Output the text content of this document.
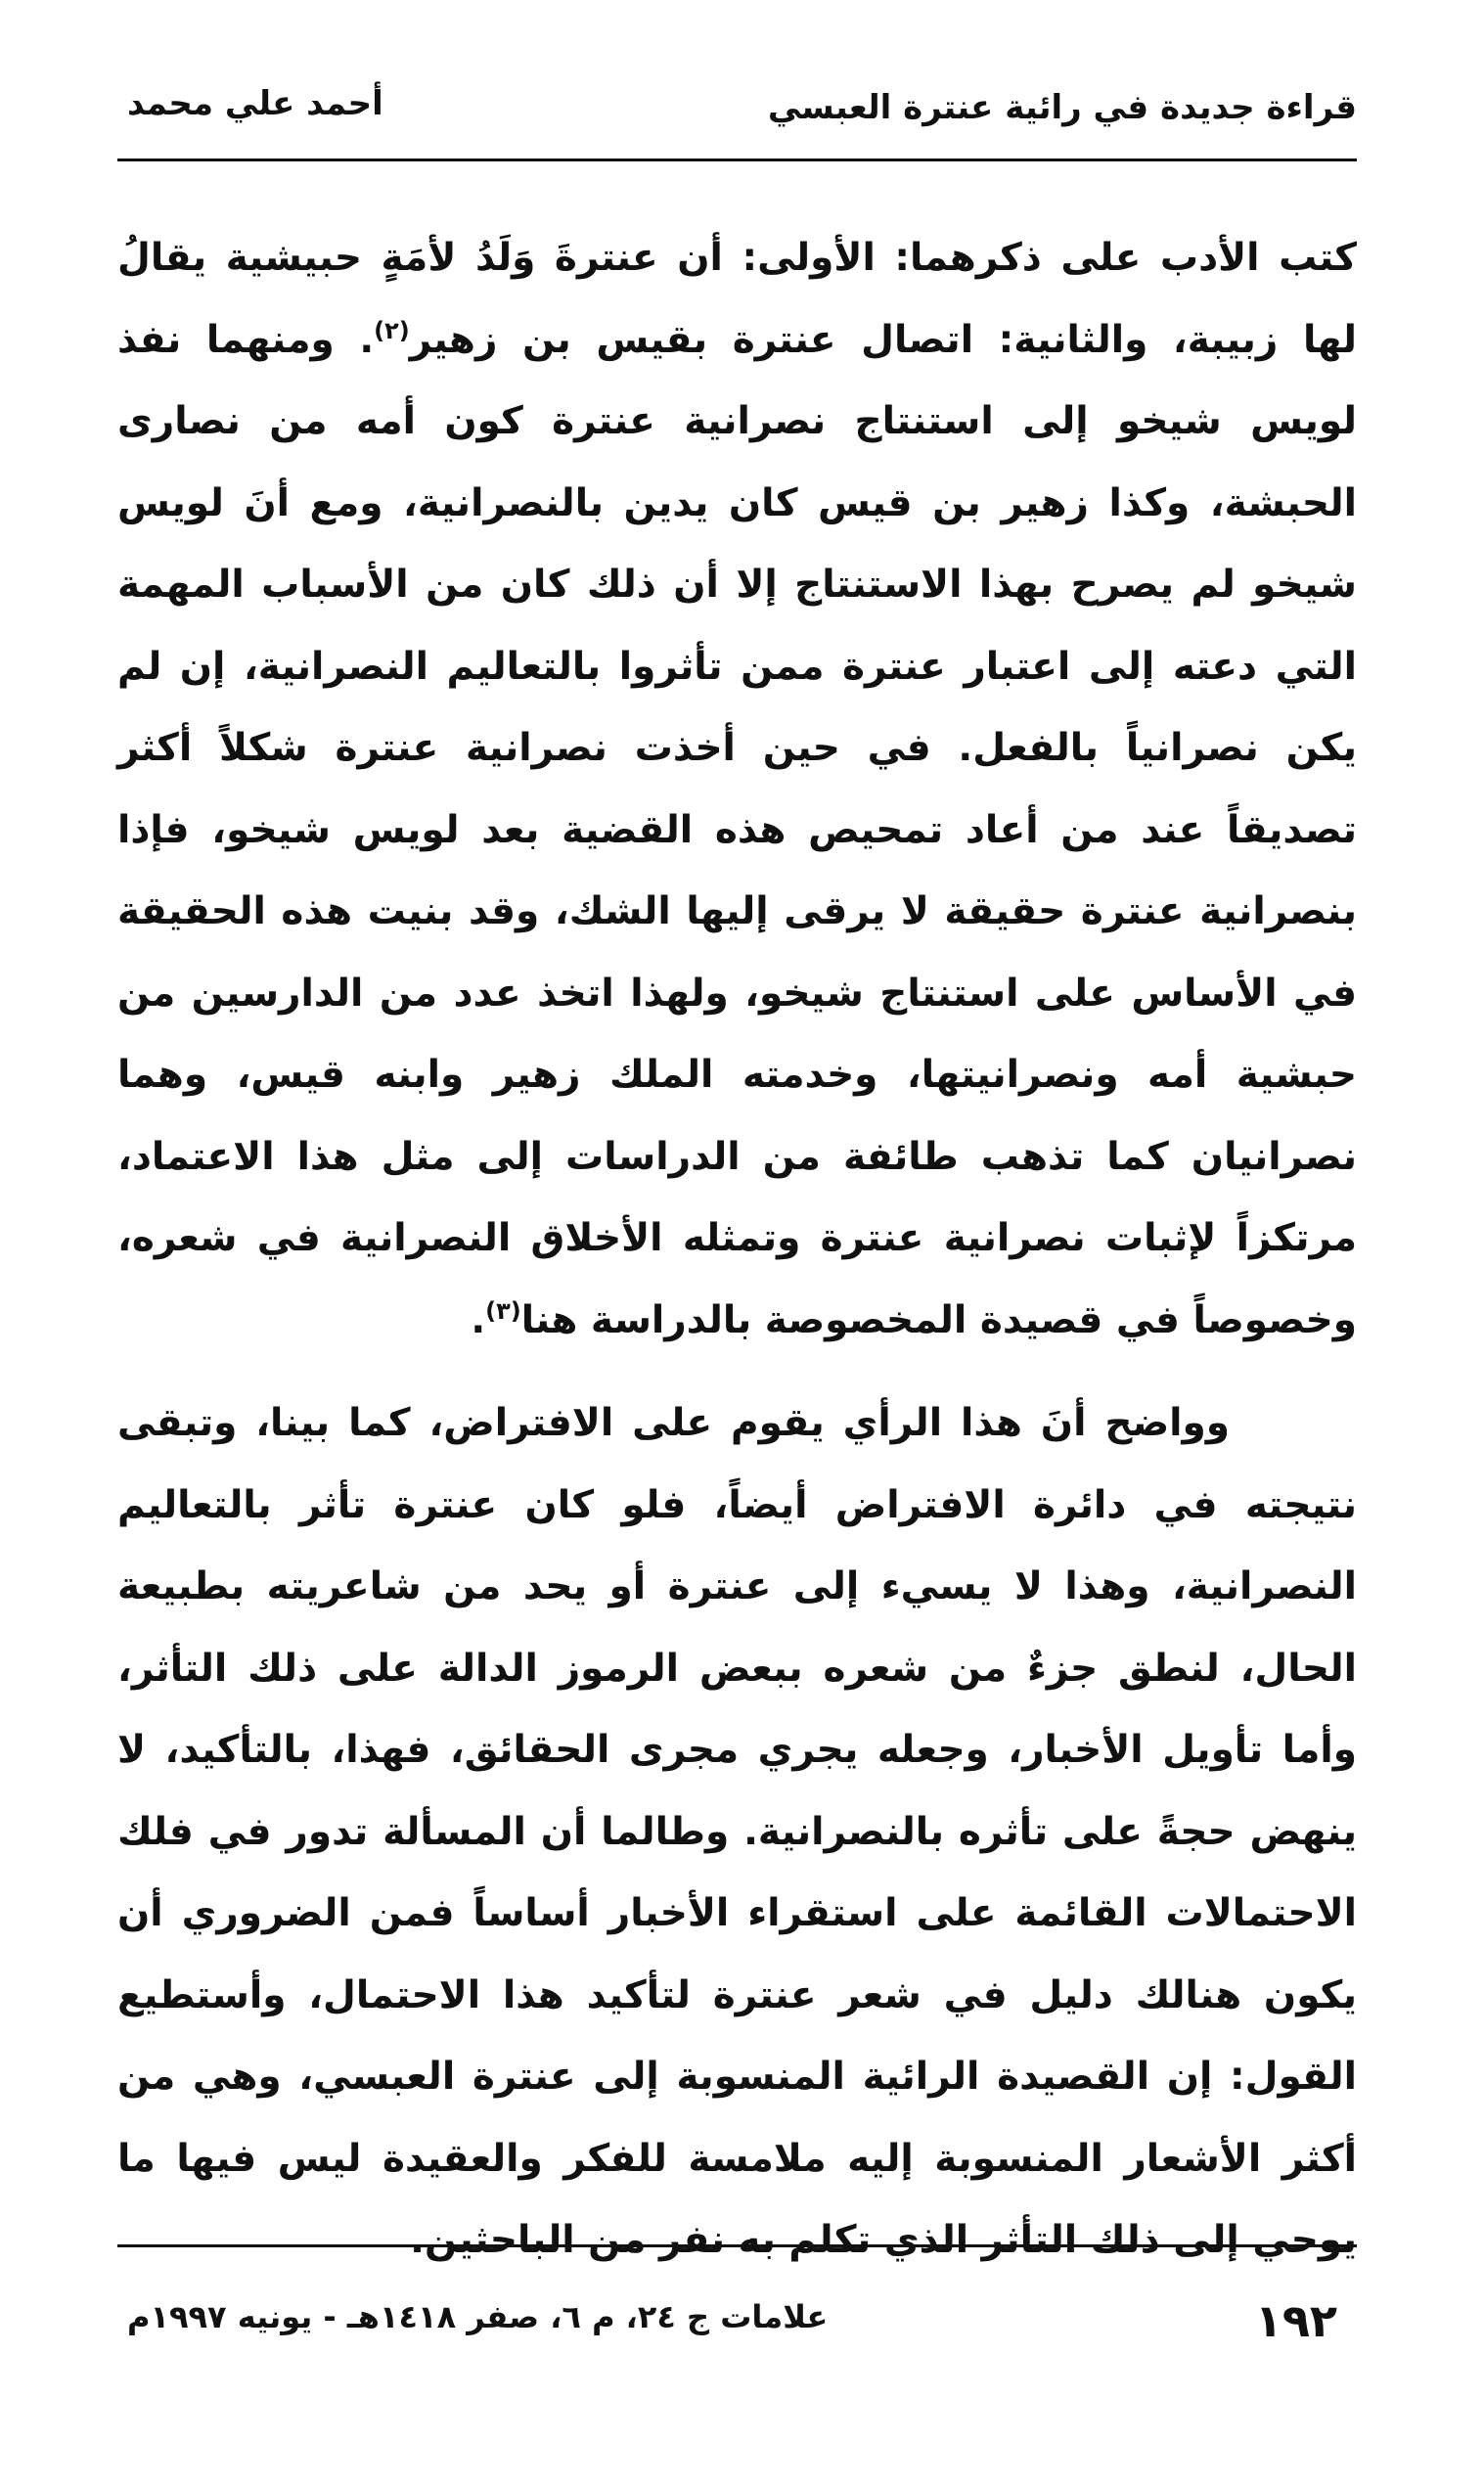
قراءة جديدة في رائية عنترة العبسي
أحمد علي محمد

كتب الأدب على ذكرهما: الأولى: أن عنترةَ وَلَدُ لأمَةٍ حبيشية يقالُ لها زبيبة، والثانية: اتصال عنترة بقيس بن زهير$^{(٢)}$. ومنهما نفذ لويس شيخو إلى استنتاج نصرانية عنترة كون أمه من نصارى الحبشة، وكذا زهير بن قيس كان يدين بالنصرانية، ومع أنَ لويس شيخو لم يصرح بهذا الاستنتاج إلا أن ذلك كان من الأسباب المهمة التي دعته إلى اعتبار عنترة ممن تأثروا بالتعاليم النصرانية، إن لم يكن نصرانياً بالفعل. في حين أخذت نصرانية عنترة شكلاً أكثر تصديقاً عند من أعاد تمحيص هذه القضية بعد لويس شيخو، فإذا بنصرانية عنترة حقيقة لا يرقى إليها الشك، وقد بنيت هذه الحقيقة في الأساس على استنتاج شيخو، ولهذا اتخذ عدد من الدارسين من حبشية أمه ونصرانيتها، وخدمته الملك زهير وابنه قيس، وهما نصرانيان كما تذهب طائفة من الدراسات إلى مثل هذا الاعتماد، مرتكزاً لإثبات نصرانية عنترة وتمثله الأخلاق النصرانية في شعره، وخصوصاً في قصيدة المخصوصة بالدراسة هنا$^{(٣)}$.

وواضح أنَ هذا الرأي يقوم على الافتراض، كما بينا، وتبقى نتيجته في دائرة الافتراض أيضاً، فلو كان عنترة تأثر بالتعاليم النصرانية، وهذا لا يسيء إلى عنترة أو يحد من شاعريته بطبيعة الحال، لنطق جزءٌ من شعره ببعض الرموز الدالة على ذلك التأثر، وأما تأويل الأخبار، وجعله يجري مجرى الحقائق، فهذا، بالتأكيد، لا ينهض حجةً على تأثره بالنصرانية. وطالما أن المسألة تدور في فلك الاحتمالات القائمة على استقراء الأخبار أساساً فمن الضروري أن يكون هنالك دليل في شعر عنترة لتأكيد هذا الاحتمال، وأستطيع القول: إن القصيدة الرائية المنسوبة إلى عنترة العبسي، وهي من أكثر الأشعار المنسوبة إليه ملامسة للفكر والعقيدة ليس فيها ما يوحي إلى ذلك التأثر الذي تكلم به نفر من الباحثين.

١٩٢
علامات ج ٢٤، م ٦، صفر ١٤١٨هـ - يونيه ١٩٩٧م
